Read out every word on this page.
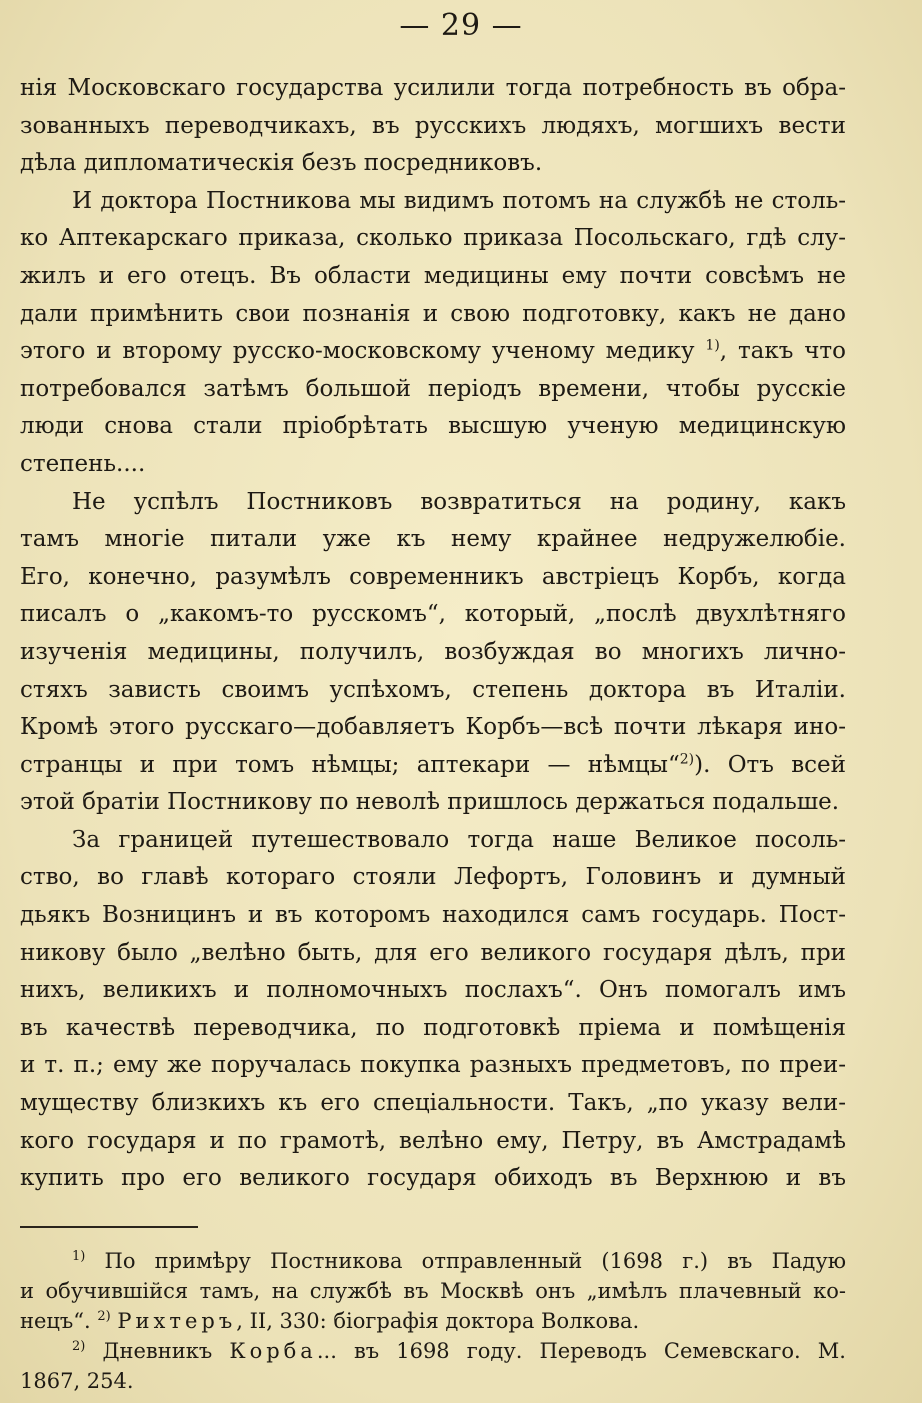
— 29 —
нія Московскаго государства усилили тогда потребность въ обра-
зованныхъ переводчикахъ, въ русскихъ людяхъ, могшихъ вести
дѣла дипломатическія безъ посредниковъ.
И доктора Постникова мы видимъ потомъ на службѣ не столь-
ко Аптекарскаго приказа, сколько приказа Посольскаго, гдѣ слу-
жилъ и его отецъ. Въ области медицины ему почти совсѣмъ не
дали примѣнить свои познанія и свою подготовку, какъ не дано
этого и второму русско-московскому ученому медику $^{1)}$, такъ что
потребовался затѣмъ большой періодъ времени, чтобы русскіе
люди снова стали пріобрѣтать высшую ученую медицинскую
степень....
Не успѣлъ Постниковъ возвратиться на родину, какъ
тамъ многіе питали уже къ нему крайнее недружелюбіе.
Его, конечно, разумѣлъ современникъ австріецъ Корбъ, когда
писалъ о „какомъ-то русскомъ“, который, „послѣ двухлѣтняго
изученія медицины, получилъ, возбуждая во многихъ лично-
стяхъ зависть своимъ успѣхомъ, степень доктора въ Италіи.
Кромѣ этого русскаго—добавляетъ Корбъ—всѣ почти лѣкаря ино-
странцы и при томъ нѣмцы; аптекари — нѣмцы“$^{2)}$). Отъ всей
этой братіи Постникову по неволѣ пришлось держаться подальше.
За границей путешествовало тогда наше Великое посоль-
ство, во главѣ котораго стояли Лефортъ, Головинъ и думный
дьякъ Возницинъ и въ которомъ находился самъ государь. Пост-
никову было „велѣно быть, для его великого государя дѣлъ, при
нихъ, великихъ и полномочныхъ послахъ“. Онъ помогалъ имъ
въ качествѣ переводчика, по подготовкѣ пріема и помѣщенія
и т. п.; ему же поручалась покупка разныхъ предметовъ, по преи-
муществу близкихъ къ его спеціальности. Такъ, „по указу вели-
кого государя и по грамотѣ, велѣно ему, Петру, въ Амстрадамѣ
купить про его великого государя обиходъ въ Верхнюю и въ
$^{1)}$ По примѣру Постникова отправленный (1698 г.) въ Падую
и обучившійся тамъ, на службѣ въ Москвѣ онъ „имѣлъ плачевный ко-
нецъ“. $^{2)}$ Рихтеръ, II, 330: біографія доктора Волкова.
$^{2)}$ Дневникъ Корба... въ 1698 году. Переводъ Семевскаго. М.
1867, 254.
